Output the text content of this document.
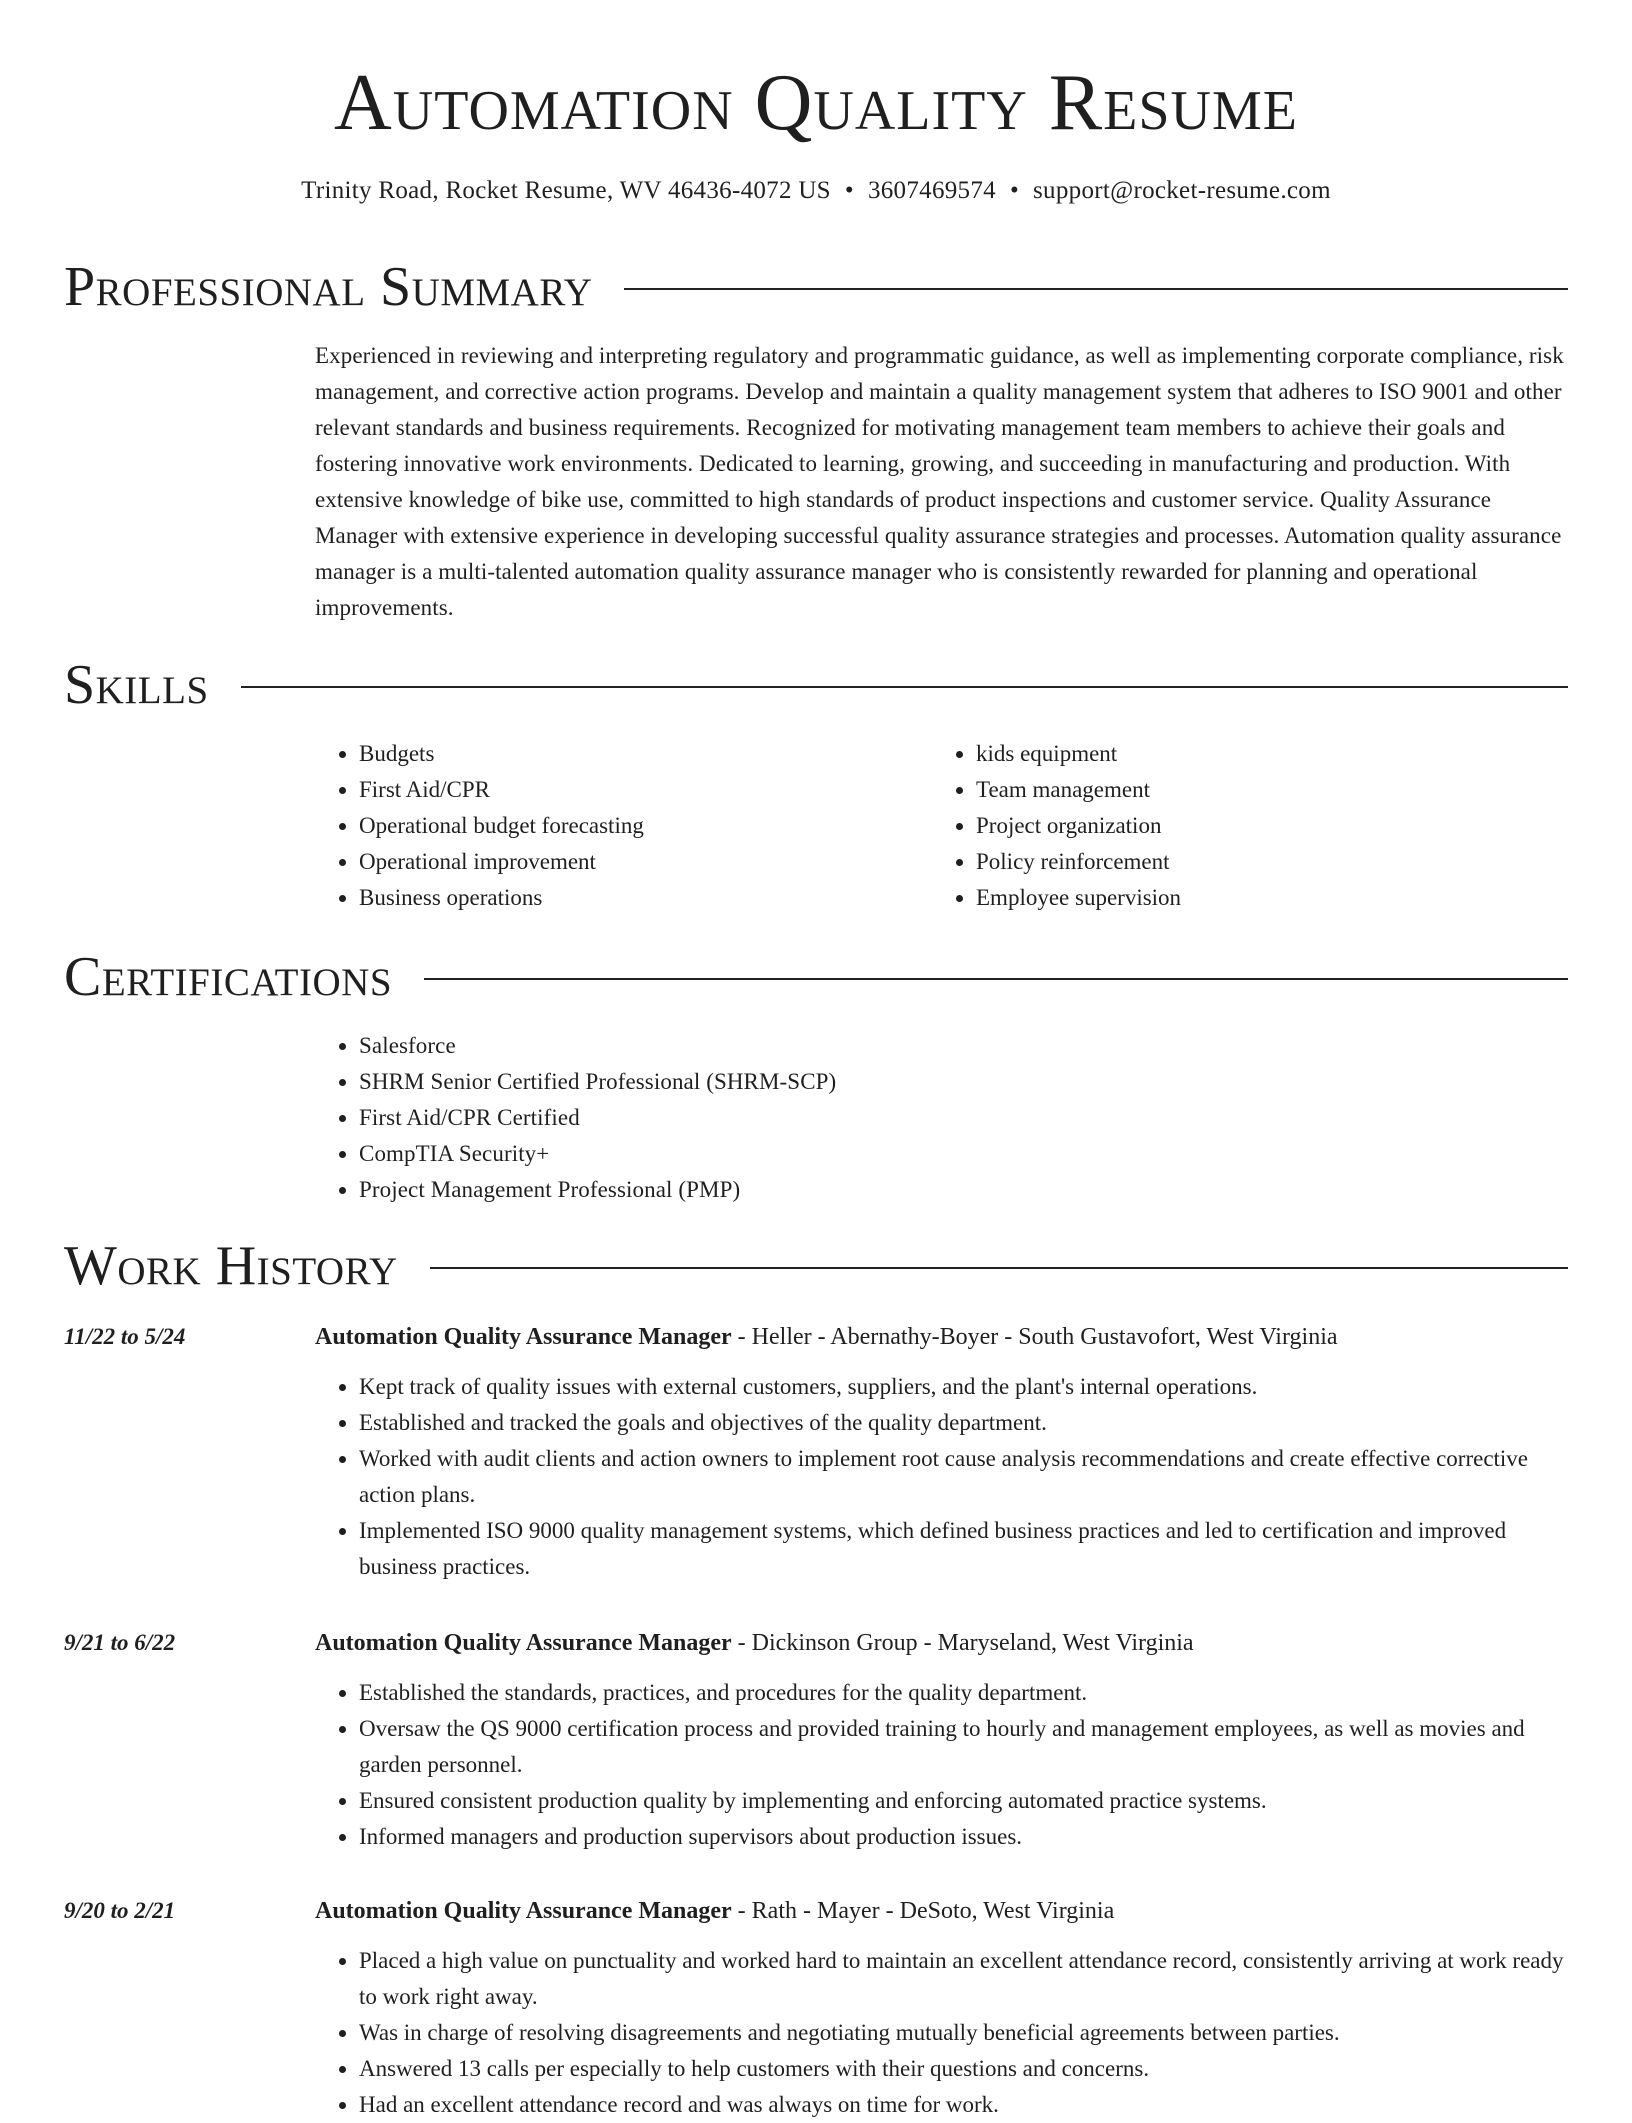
Automation Quality Resume
Trinity Road, Rocket Resume, WV 46436-4072 US • 3607469574 • support@rocket-resume.com
Professional Summary
Experienced in reviewing and interpreting regulatory and programmatic guidance, as well as implementing corporate compliance, risk management, and corrective action programs. Develop and maintain a quality management system that adheres to ISO 9001 and other relevant standards and business requirements. Recognized for motivating management team members to achieve their goals and fostering innovative work environments. Dedicated to learning, growing, and succeeding in manufacturing and production. With extensive knowledge of bike use, committed to high standards of product inspections and customer service. Quality Assurance Manager with extensive experience in developing successful quality assurance strategies and processes. Automation quality assurance manager is a multi-talented automation quality assurance manager who is consistently rewarded for planning and operational improvements.
Skills
• Budgets
• First Aid/CPR
• Operational budget forecasting
• Operational improvement
• Business operations
• kids equipment
• Team management
• Project organization
• Policy reinforcement
• Employee supervision
Certifications
• Salesforce
• SHRM Senior Certified Professional (SHRM-SCP)
• First Aid/CPR Certified
• CompTIA Security+
• Project Management Professional (PMP)
Work History
11/22 to 5/24	Automation Quality Assurance Manager - Heller - Abernathy-Boyer - South Gustavofort, West Virginia
• Kept track of quality issues with external customers, suppliers, and the plant's internal operations.
• Established and tracked the goals and objectives of the quality department.
• Worked with audit clients and action owners to implement root cause analysis recommendations and create effective corrective action plans.
• Implemented ISO 9000 quality management systems, which defined business practices and led to certification and improved business practices.
9/21 to 6/22	Automation Quality Assurance Manager - Dickinson Group - Maryseland, West Virginia
• Established the standards, practices, and procedures for the quality department.
• Oversaw the QS 9000 certification process and provided training to hourly and management employees, as well as movies and garden personnel.
• Ensured consistent production quality by implementing and enforcing automated practice systems.
• Informed managers and production supervisors about production issues.
9/20 to 2/21	Automation Quality Assurance Manager - Rath - Mayer - DeSoto, West Virginia
• Placed a high value on punctuality and worked hard to maintain an excellent attendance record, consistently arriving at work ready to work right away.
• Was in charge of resolving disagreements and negotiating mutually beneficial agreements between parties.
• Answered 13 calls per especially to help customers with their questions and concerns.
• Had an excellent attendance record and was always on time for work.
